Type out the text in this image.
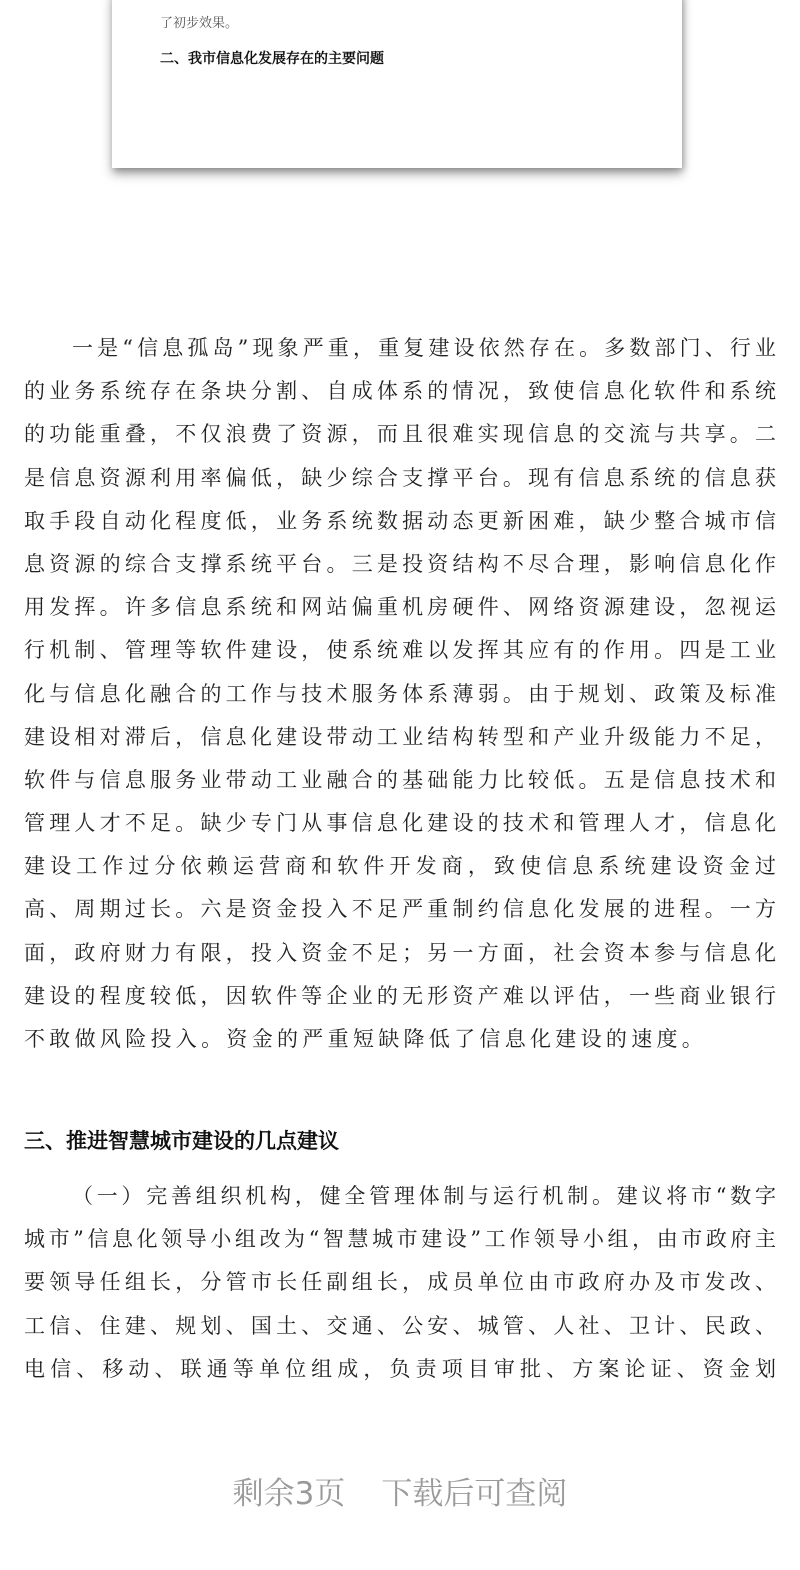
了初步效果。
二、我市信息化发展存在的主要问题
一是“信息孤岛”现象严重，重复建设依然存在。多数部门、行业
的业务系统存在条块分割、自成体系的情况，致使信息化软件和系统
的功能重叠，不仅浪费了资源，而且很难实现信息的交流与共享。二
是信息资源利用率偏低，缺少综合支撑平台。现有信息系统的信息获
取手段自动化程度低，业务系统数据动态更新困难，缺少整合城市信
息资源的综合支撑系统平台。三是投资结构不尽合理，影响信息化作
用发挥。许多信息系统和网站偏重机房硬件、网络资源建设，忽视运
行机制、管理等软件建设，使系统难以发挥其应有的作用。四是工业
化与信息化融合的工作与技术服务体系薄弱。由于规划、政策及标准
建设相对滞后，信息化建设带动工业结构转型和产业升级能力不足，
软件与信息服务业带动工业融合的基础能力比较低。五是信息技术和
管理人才不足。缺少专门从事信息化建设的技术和管理人才，信息化
建设工作过分依赖运营商和软件开发商，致使信息系统建设资金过
高、周期过长。六是资金投入不足严重制约信息化发展的进程。一方
面，政府财力有限，投入资金不足；另一方面，社会资本参与信息化
建设的程度较低，因软件等企业的无形资产难以评估，一些商业银行
不敢做风险投入。资金的严重短缺降低了信息化建设的速度。
三、推进智慧城市建设的几点建议
（一）完善组织机构，健全管理体制与运行机制。建议将市“数字
城市”信息化领导小组改为“智慧城市建设”工作领导小组，由市政府主
要领导任组长，分管市长任副组长，成员单位由市政府办及市发改、
工信、住建、规划、国土、交通、公安、城管、人社、卫计、民政、
电信、移动、联通等单位组成，负责项目审批、方案论证、资金划
剩余3页 下载后可查阅
